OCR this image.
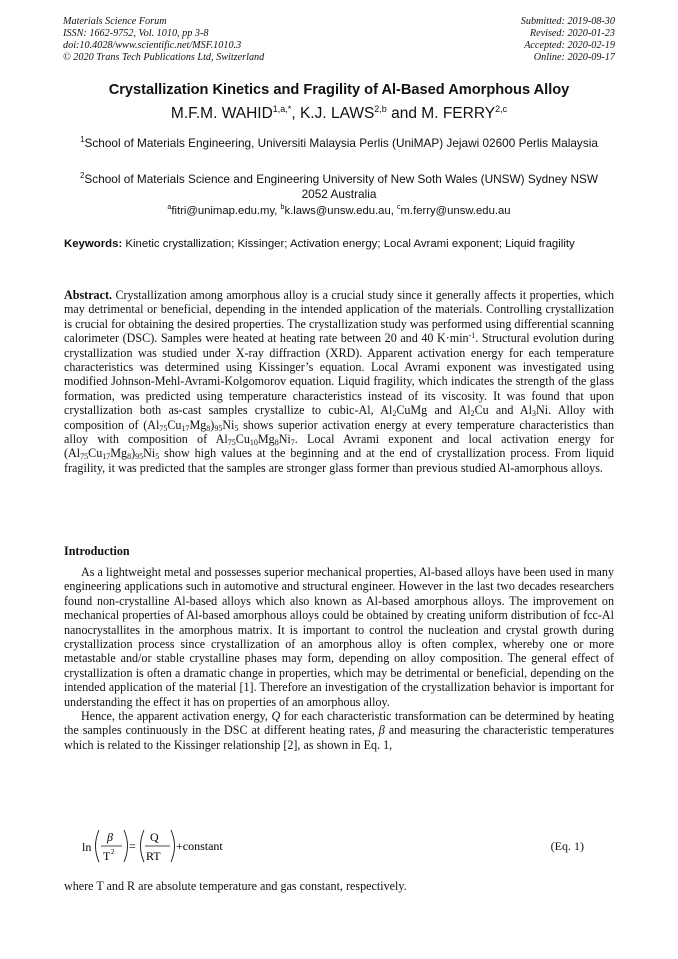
Materials Science Forum
ISSN: 1662-9752, Vol. 1010, pp 3-8
doi:10.4028/www.scientific.net/MSF.1010.3
© 2020 Trans Tech Publications Ltd, Switzerland
Submitted: 2019-08-30
Revised: 2020-01-23
Accepted: 2020-02-19
Online: 2020-09-17
Crystallization Kinetics and Fragility of Al-Based Amorphous Alloy
M.F.M. $WAHID^{1,a,*}$, K.J. LAWS$^{2,b}$ and M. FERRY$^{2,c}$
$^1$School of Materials Engineering, Universiti Malaysia Perlis (UniMAP) Jejawi 02600 Perlis Malaysia
$^2$School of Materials Science and Engineering University of New Soth Wales (UNSW) Sydney NSW 2052 Australia
$^a$fitri@unimap.edu.my, $^b$k.laws@unsw.edu.au, $^c$m.ferry@unsw.edu.au
Keywords: Kinetic crystallization; Kissinger; Activation energy; Local Avrami exponent; Liquid fragility
Abstract. Crystallization among amorphous alloy is a crucial study since it generally affects it properties, which may detrimental or beneficial, depending in the intended application of the materials. Controlling crystallization is crucial for obtaining the desired properties. The crystallization study was performed using differential scanning calorimeter (DSC). Samples were heated at heating rate between 20 and 40 $K\cdot\min^{-1}$. Structural evolution during crystallization was studied under X-ray diffraction (XRD). Apparent activation energy for each temperature characteristics was determined using Kissinger’s equation. Local Avrami exponent was investigated using modified Johnson-Mehl-Avrami-Kolgomorov equation. Liquid fragility, which indicates the strength of the glass formation, was predicted using temperature characteristics instead of its viscosity. It was found that upon crystallization both as-cast samples crystallize to cubic-Al, $Al_2CuMg$ and $Al_2Cu$ and $Al_3Ni$. Alloy with composition of $(Al_{75}Cu_{17}Mg_8)_{95}Ni_5$ shows superior activation energy at every temperature characteristics than alloy with composition of $Al_{75}Cu_{10}Mg_8Ni_7$. Local Avrami exponent and local activation energy for $(Al_{75}Cu_{17}Mg_8)_{95}Ni_5$ show high values at the beginning and at the end of crystallization process. From liquid fragility, it was predicted that the samples are stronger glass former than previous studied Al-amorphous alloys.
Introduction

As a lightweight metal and possesses superior mechanical properties, Al-based alloys have been used in many engineering applications such in automotive and structural engineer. However in the last two decades researchers found non-crystalline Al-based alloys which also known as Al-based amorphous alloys. The improvement on mechanical properties of Al-based amorphous alloys could be obtained by creating uniform distribution of fcc-Al nanocrystallites in the amorphous matrix. It is important to control the nucleation and crystal growth during crystallization process since crystallization of an amorphous alloy is often complex, whereby one or more metastable and/or stable crystalline phases may form, depending on alloy composition. The general effect of crystallization is often a dramatic change in properties, which may be detrimental or beneficial, depending on the intended application of the material [1]. Therefore an investigation of the crystallization behavior is important for understanding the effect it has on properties of an amorphous alloy.

Hence, the apparent activation energy, Q for each characteristic transformation can be determined by heating the samples continuously in the DSC at different heating rates, β and measuring the characteristic temperatures which is related to the Kissinger relationship [2], as shown in Eq. 1,

ln
β
T 2 =
Q
RT
+constant	(Eq. 1)
where T and R are absolute temperature and gas constant, respectively.
